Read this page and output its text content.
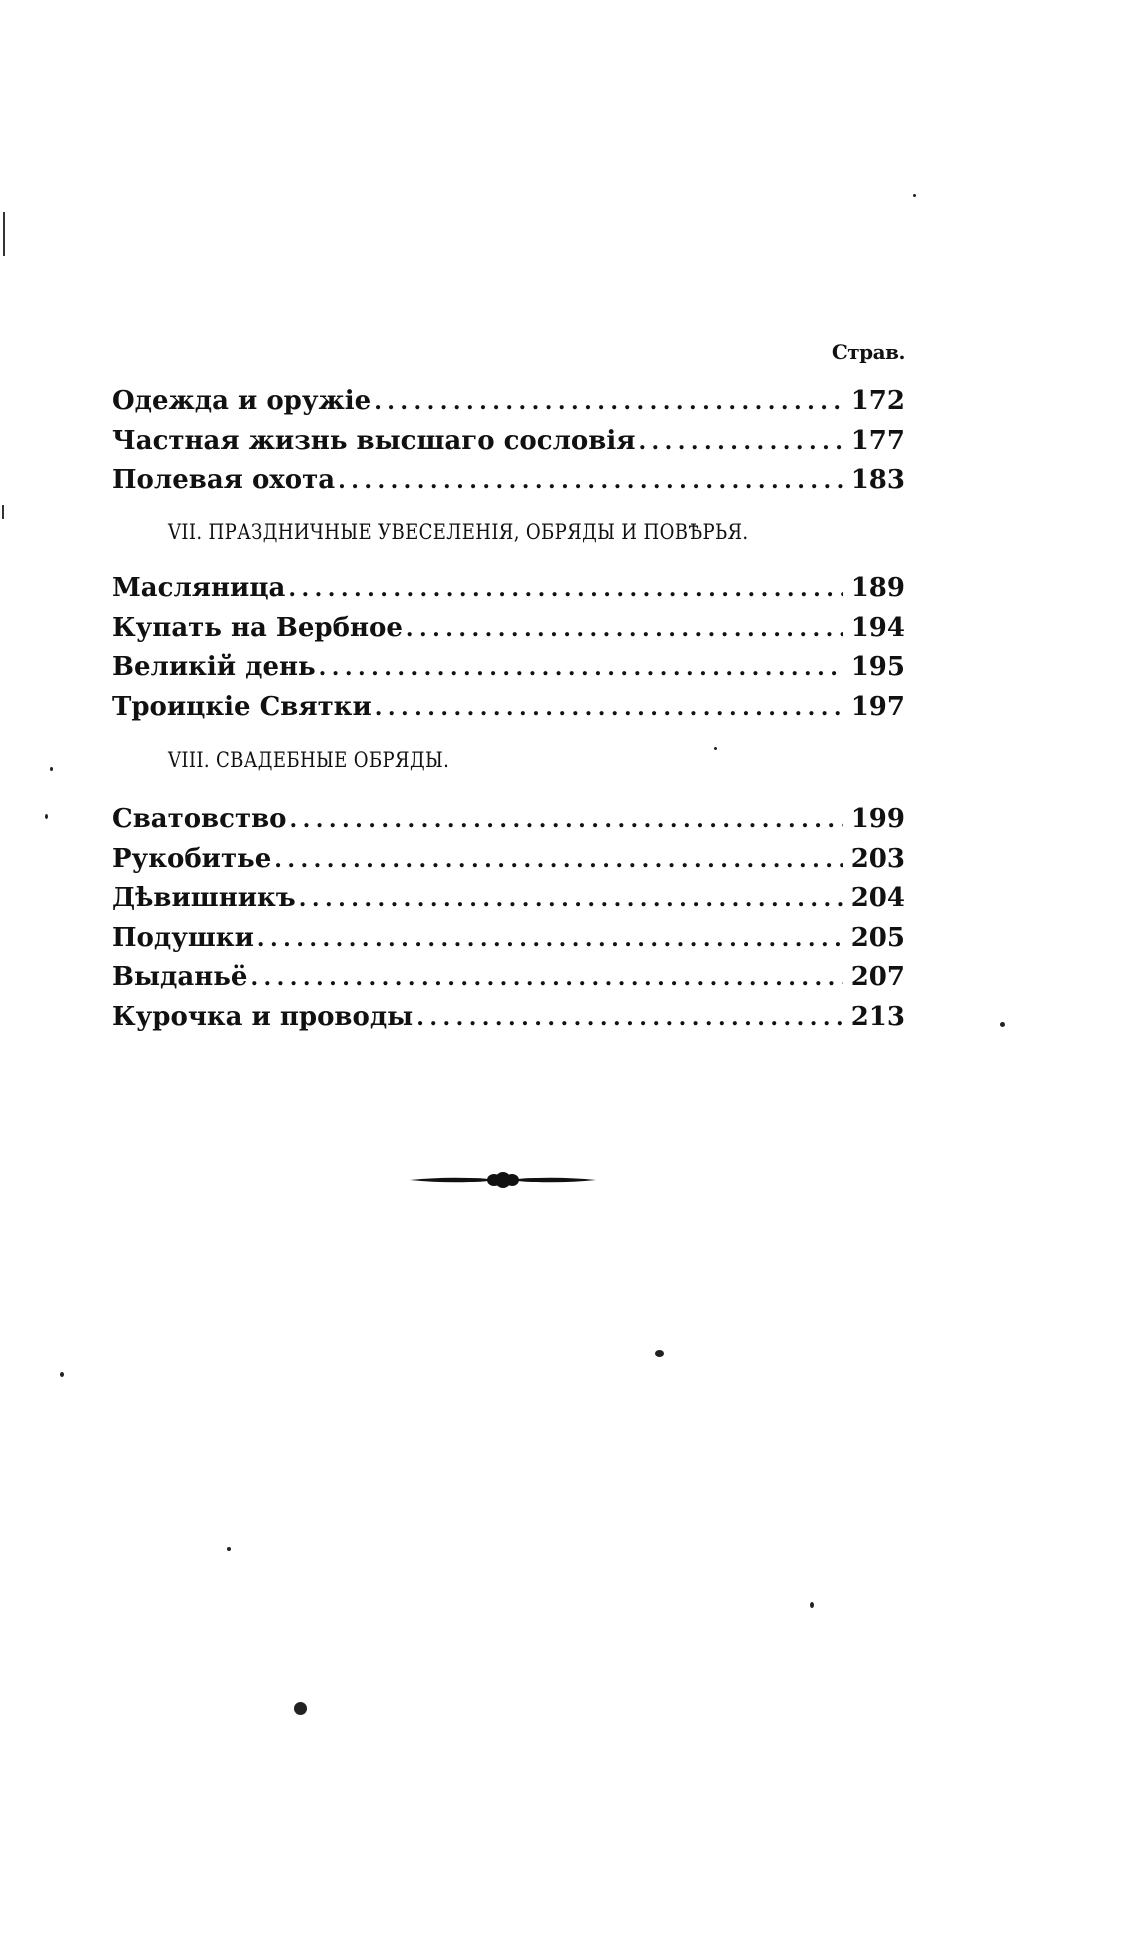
Страв.
Одежда и оружіе . . .	172
Частная жизнь высшаго сословія . . .	177
Полевая охота . . .	183
VII. ПРАЗДНИЧНЫЕ УВЕСЕЛЕНІЯ, ОБРЯДЫ И ПОВѢРЬЯ.
Масляница . . .	189
Купать на Вербное . . .	194
Великій день . . .	195
Троицкіе Святки . . .	197
VIII. СВАДЕБНЫЕ ОБРЯДЫ.
Сватовство . . .	199
Рукобитье . . .	203
Дѣвишникъ . . .	204
Подушки . . .	205
Выданьё . . .	207
Курочка и проводы . . .	213
